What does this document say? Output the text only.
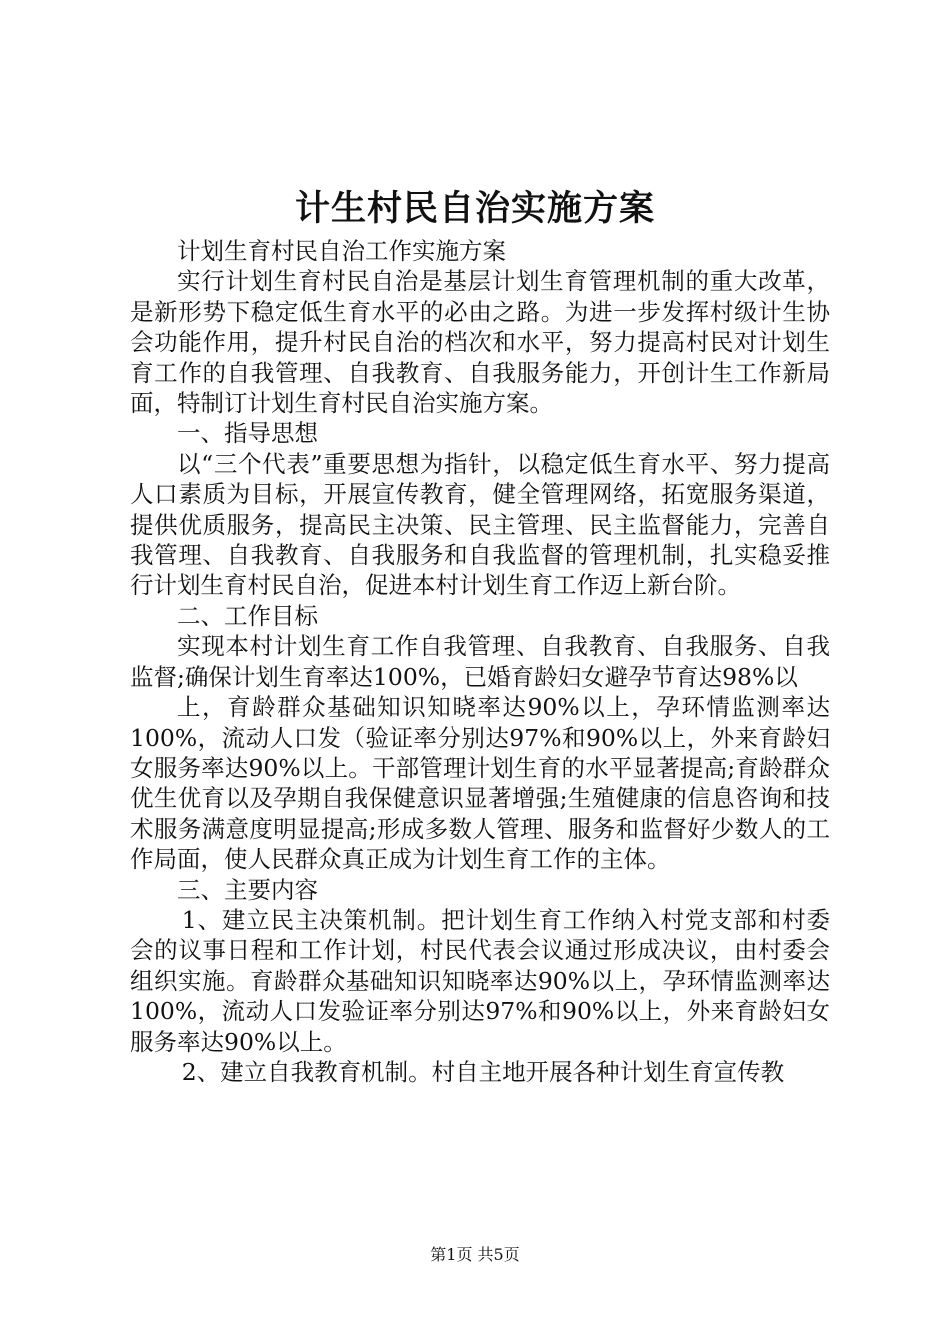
计生村民自治实施方案

计划生育村民自治工作实施方案

实行计划生育村民自治是基层计划生育管理机制的重大改革，是新形势下稳定低生育水平的必由之路。为进一步发挥村级计生协会功能作用，提升村民自治的档次和水平，努力提高村民对计划生育工作的自我管理、自我教育、自我服务能力，开创计生工作新局面，特制订计划生育村民自治实施方案。

一、指导思想

以“三个代表”重要思想为指针，以稳定低生育水平、努力提高人口素质为目标，开展宣传教育，健全管理网络，拓宽服务渠道，提供优质服务，提高民主决策、民主管理、民主监督能力，完善自我管理、自我教育、自我服务和自我监督的管理机制，扎实稳妥推行计划生育村民自治，促进本村计划生育工作迈上新台阶。

二、工作目标

实现本村计划生育工作自我管理、自我教育、自我服务、自我监督;确保计划生育率达100%，已婚育龄妇女避孕节育达98%以

上，育龄群众基础知识知晓率达90%以上，孕环情监测率达100%，流动人口发（验证率分别达97%和90%以上，外来育龄妇女服务率达90%以上。干部管理计划生育的水平显著提高;育龄群众优生优育以及孕期自我保健意识显著增强;生殖健康的信息咨询和技术服务满意度明显提高;形成多数人管理、服务和监督好少数人的工作局面，使人民群众真正成为计划生育工作的主体。

三、主要内容

1、建立民主决策机制。把计划生育工作纳入村党支部和村委会的议事日程和工作计划，村民代表会议通过形成决议，由村委会组织实施。育龄群众基础知识知晓率达90%以上，孕环情监测率达100%，流动人口发验证率分别达97%和90%以上，外来育龄妇女服务率达90%以上。

2、建立自我教育机制。村自主地开展各种计划生育宣传教

第1页 共5页
